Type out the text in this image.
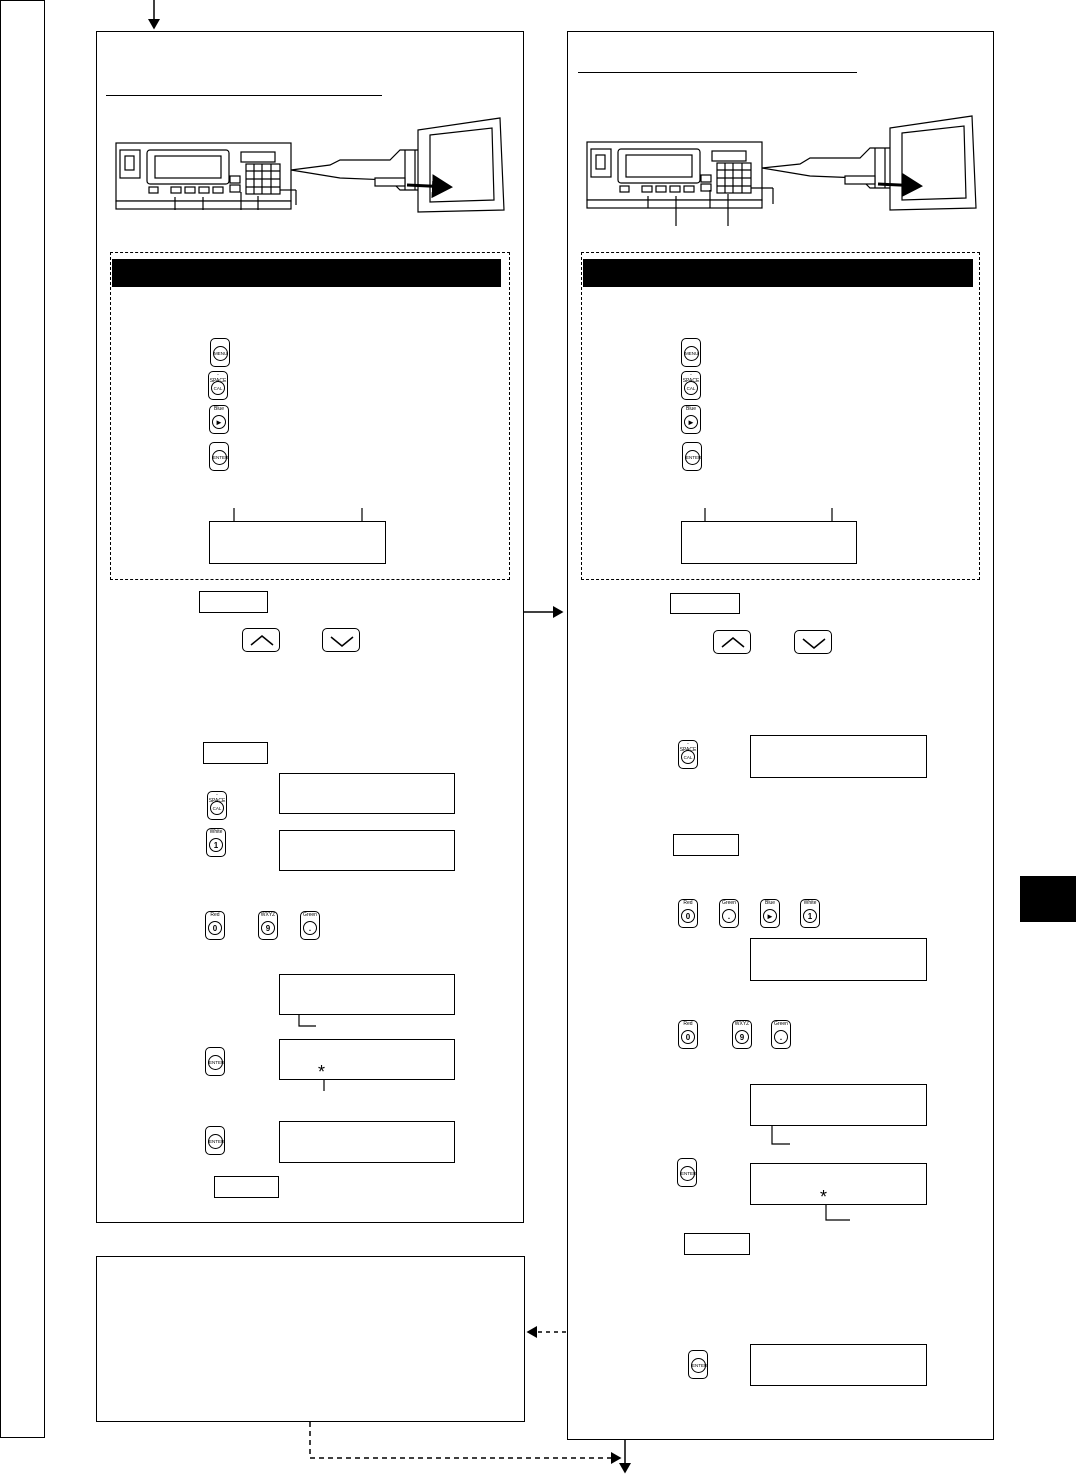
MENU
- SPACE
CAL
Blue
►
ENTER
- SPACE
CAL
White
1
Red
0
WXYZ
9
Green
.
ENTER	*
ENTER
MENU
- SPACE
CAL
Blue
►
ENTER
- SPACE
CAL
Red
0
Green
.
Blue
►
White
1
Red
0
WXYZ
9
Green
.
ENTER
*
ENTER
